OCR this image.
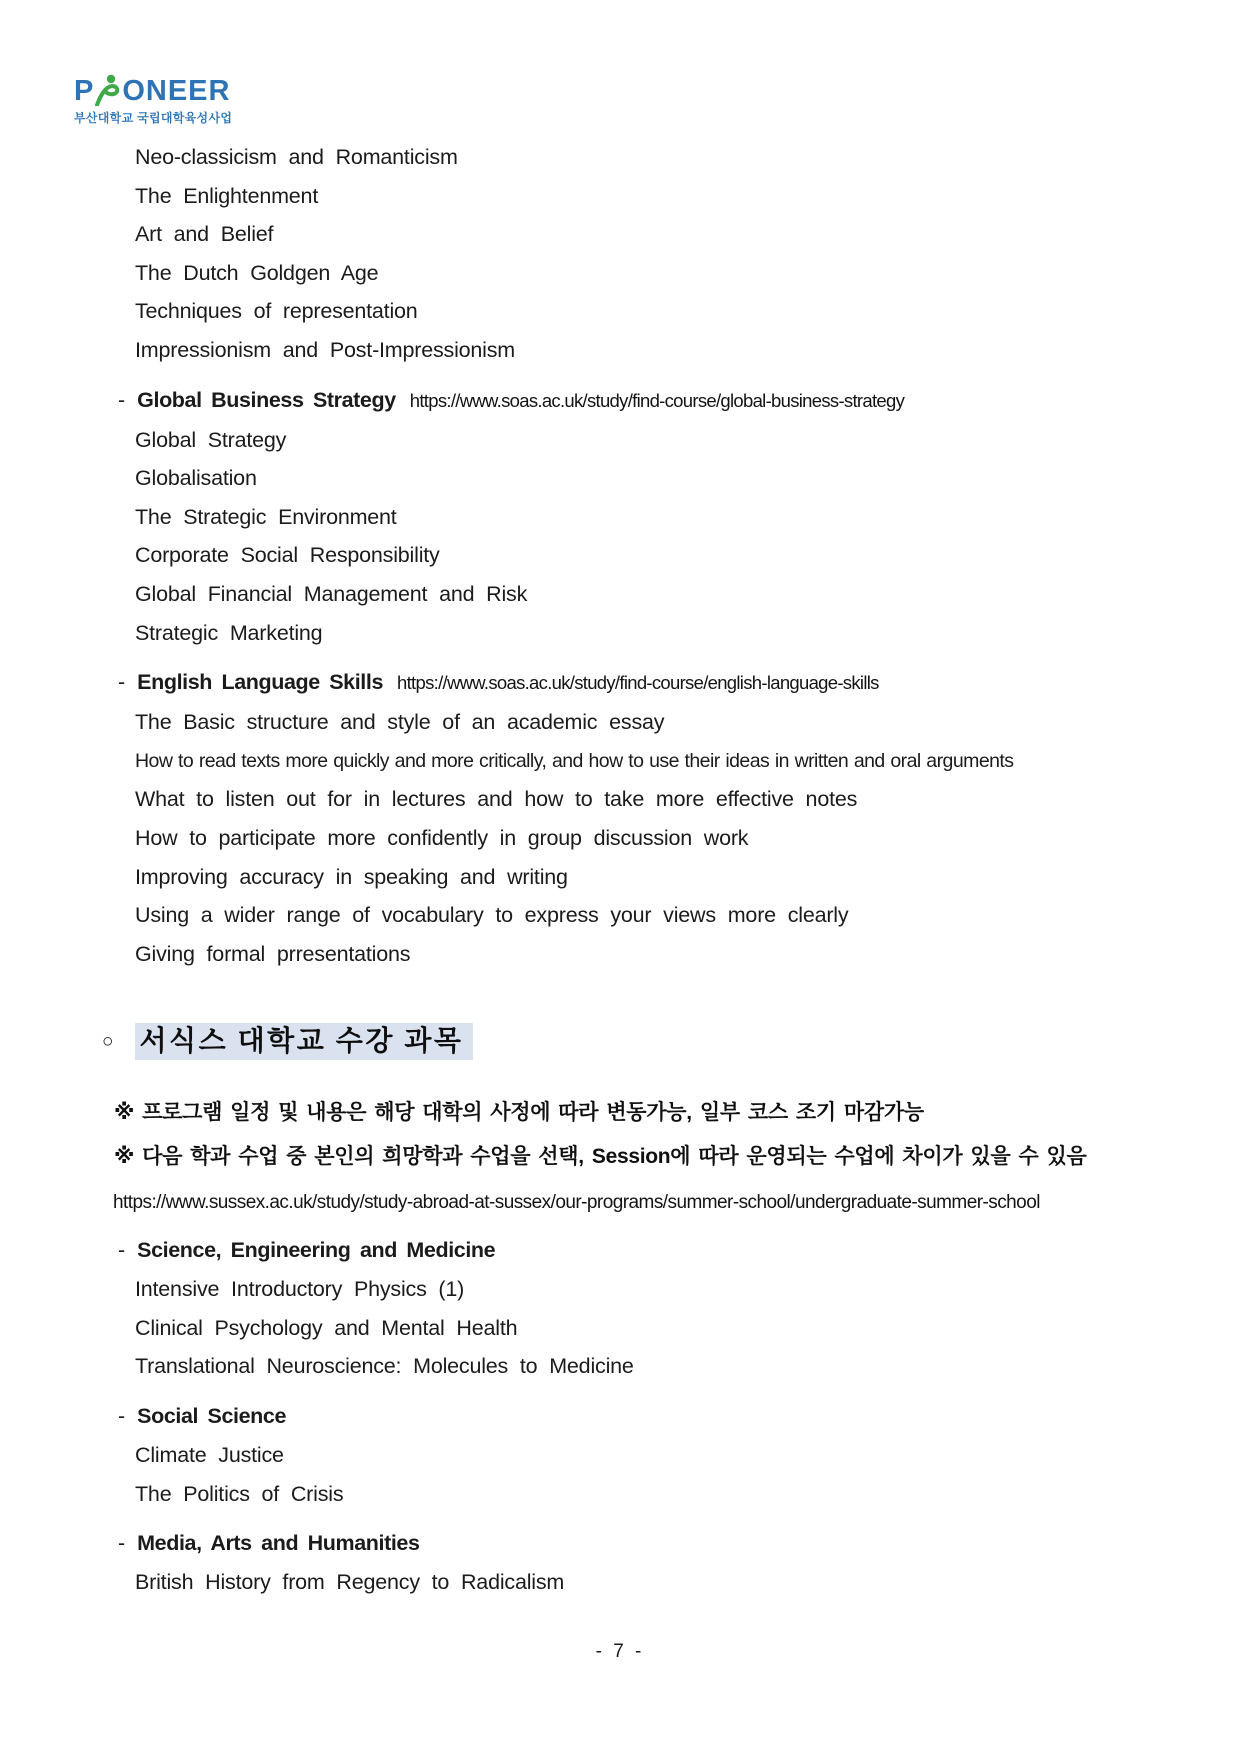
P ONEER
부산대학교 국립대학육성사업
Neo-classicism and Romanticism
The Enlightenment
Art and Belief
The Dutch Goldgen Age
Techniques of representation
Impressionism and Post-Impressionism
- Global Business Strategy https://www.soas.ac.uk/study/find-course/global-business-strategy
Global Strategy
Globalisation
The Strategic Environment
Corporate Social Responsibility
Global Financial Management and Risk
Strategic Marketing
- English Language Skills https://www.soas.ac.uk/study/find-course/english-language-skills
The Basic structure and style of an academic essay
How to read texts more quickly and more critically, and how to use their ideas in written and oral arguments
What to listen out for in lectures and how to take more effective notes
How to participate more confidently in group discussion work
Improving accuracy in speaking and writing
Using a wider range of vocabulary to express your views more clearly
Giving formal prresentations
○ 서식스 대학교 수강 과목
※ 프로그램 일정 및 내용은 해당 대학의 사정에 따라 변동가능, 일부 코스 조기 마감가능
※ 다음 학과 수업 중 본인의 희망학과 수업을 선택, Session에 따라 운영되는 수업에 차이가 있을 수 있음
https://www.sussex.ac.uk/study/study-abroad-at-sussex/our-programs/summer-school/undergraduate-summer-school
- Science, Engineering and Medicine
Intensive Introductory Physics (1)
Clinical Psychology and Mental Health
Translational Neuroscience: Molecules to Medicine
- Social Science
Climate Justice
The Politics of Crisis
- Media, Arts and Humanities
British History from Regency to Radicalism
- 7 -
